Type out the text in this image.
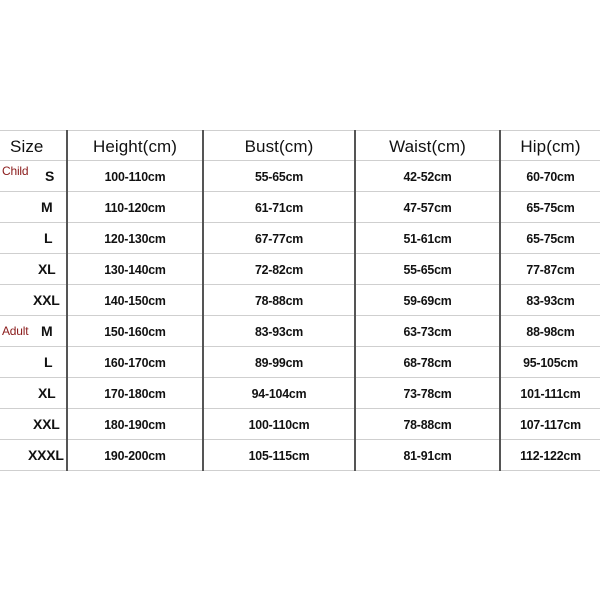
Size	Height(cm)	Bust(cm)	Waist(cm)	Hip(cm)

Child S	100-110cm	55-65cm	42-52cm	60-70cm

M	110-120cm	61-71cm	47-57cm	65-75cm

L	120-130cm	67-77cm	51-61cm	65-75cm

XL	130-140cm	72-82cm	55-65cm	77-87cm

XXL	140-150cm	78-88cm	59-69cm	83-93cm

Adult M	150-160cm	83-93cm	63-73cm	88-98cm

L	160-170cm	89-99cm	68-78cm	95-105cm

XL	170-180cm	94-104cm	73-78cm	101-111cm

XXL	180-190cm	100-110cm	78-88cm	107-117cm

XXXL	190-200cm	105-115cm	81-91cm	112-122cm
